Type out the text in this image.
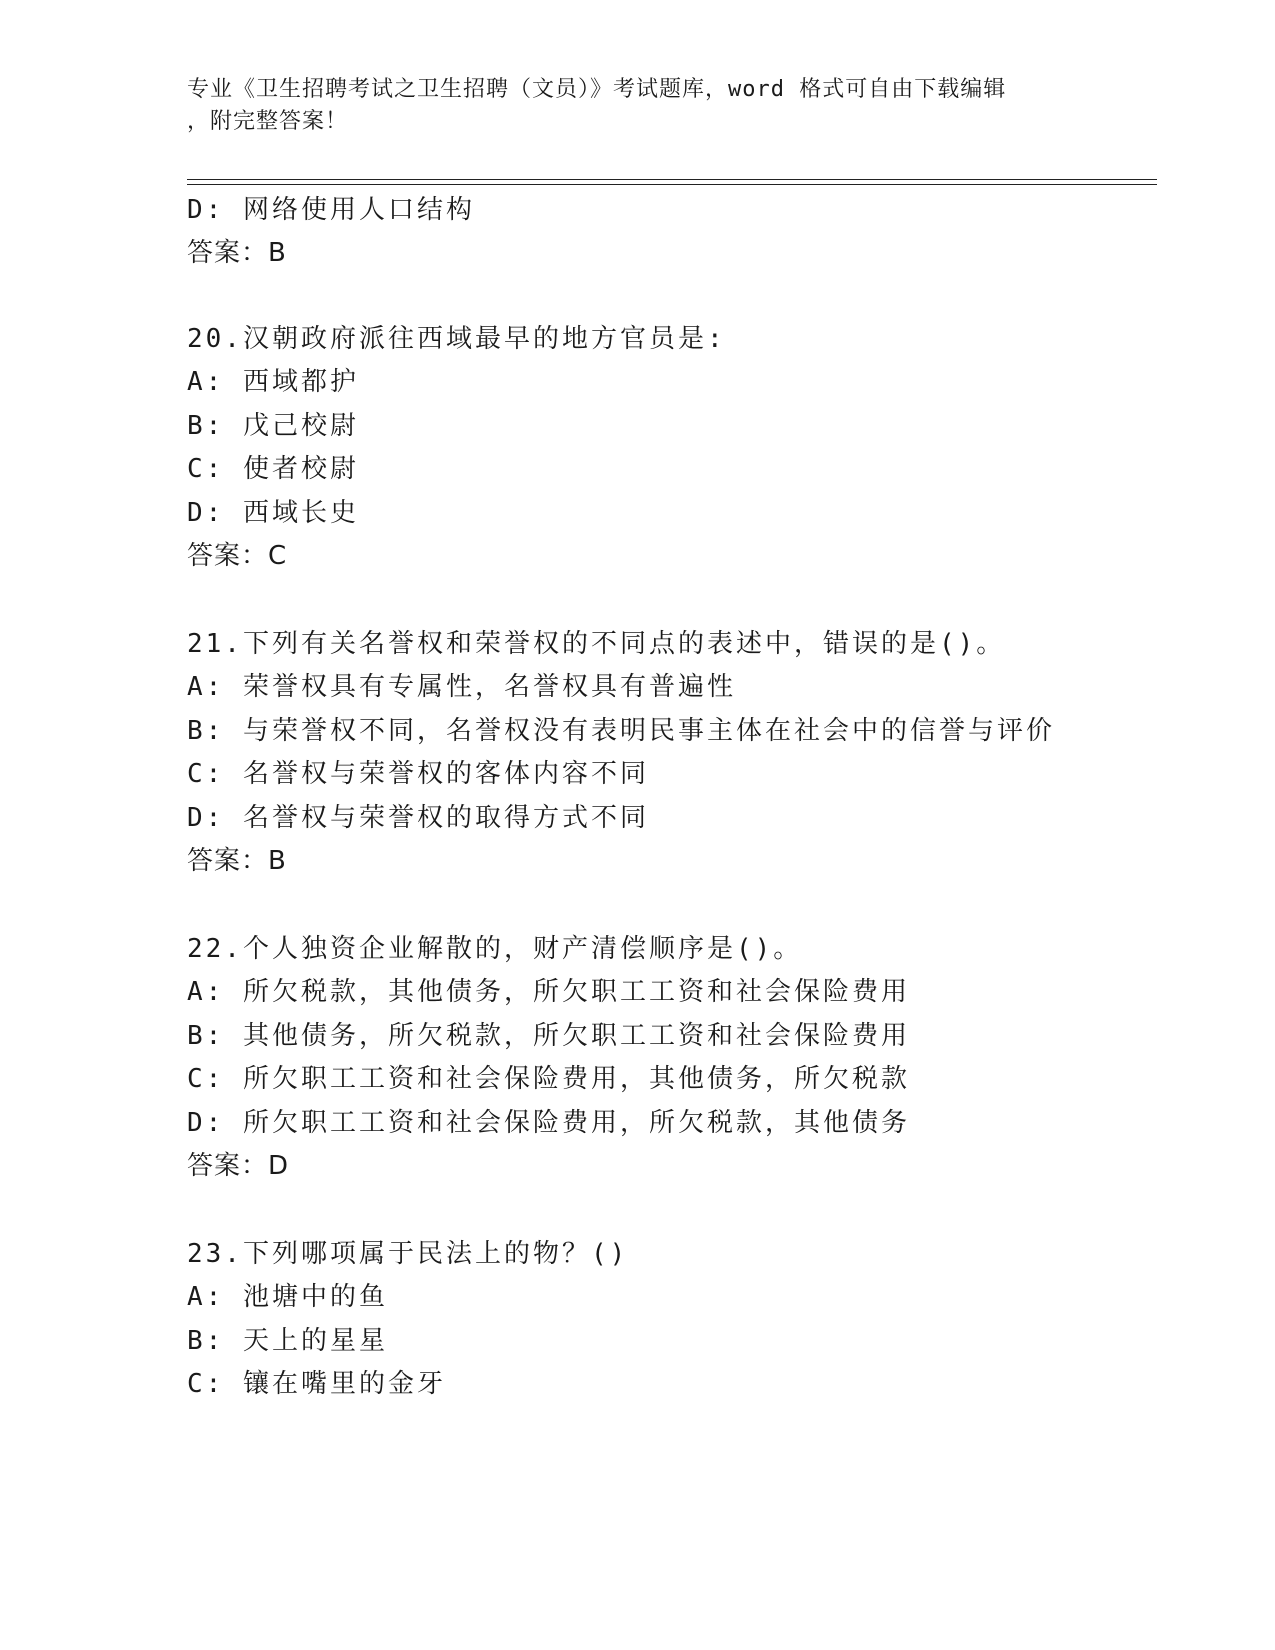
专业《卫生招聘考试之卫生招聘（文员）》考试题库，word 格式可自由下载编辑
，附完整答案！
D: 网络使用人口结构
答案：B
20.汉朝政府派往西域最早的地方官员是:
A: 西域都护
B: 戊己校尉
C: 使者校尉
D: 西域长史
答案：C
21.下列有关名誉权和荣誉权的不同点的表述中，错误的是()。
A: 荣誉权具有专属性，名誉权具有普遍性
B: 与荣誉权不同，名誉权没有表明民事主体在社会中的信誉与评价
C: 名誉权与荣誉权的客体内容不同
D: 名誉权与荣誉权的取得方式不同
答案：B
22.个人独资企业解散的，财产清偿顺序是()。
A: 所欠税款，其他债务，所欠职工工资和社会保险费用
B: 其他债务，所欠税款，所欠职工工资和社会保险费用
C: 所欠职工工资和社会保险费用，其他债务，所欠税款
D: 所欠职工工资和社会保险费用，所欠税款，其他债务
答案：D
23.下列哪项属于民法上的物？()
A: 池塘中的鱼
B: 天上的星星
C: 镶在嘴里的金牙
